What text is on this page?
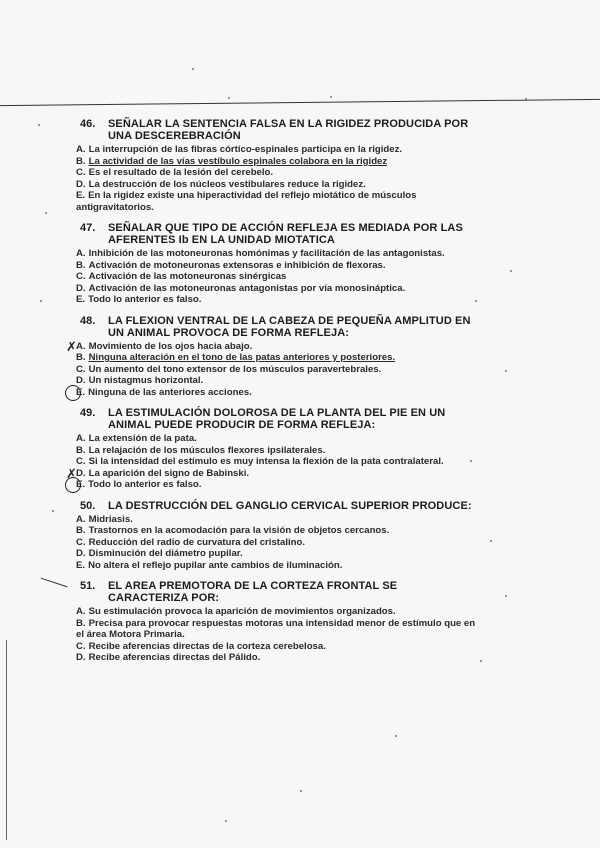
46.	SEÑALAR LA SENTENCIA FALSA EN LA RIGIDEZ PRODUCIDA POR UNA DESCEREBRACIÓN
A. La interrupción de las fibras córtico-espinales participa en la rigidez.
B. La actividad de las vías vestíbulo espinales colabora en la rigidez
C. Es el resultado de la lesión del cerebelo.
D. La destrucción de los núcleos vestibulares reduce la rigidez.
E. En la rigidez existe una hiperactividad del reflejo miotático de músculos antigravitatorios.
47.	SEÑALAR QUE TIPO DE ACCIÓN REFLEJA ES MEDIADA POR LAS AFERENTES Ib EN LA UNIDAD MIOTATICA
A. Inhibición de las motoneuronas homónimas y facilitación de las antagonistas.
B. Activación de motoneuronas extensoras e inhibición de flexoras.
C. Activación de las motoneuronas sinérgicas
D. Activación de las motoneuronas antagonistas por vía monosináptica.
E. Todo lo anterior es falso.
48.	LA FLEXION VENTRAL DE LA CABEZA DE PEQUEÑA AMPLITUD EN UN ANIMAL PROVOCA DE FORMA REFLEJA:
✗ A. Movimiento de los ojos hacia abajo.
B. Ninguna alteración en el tono de las patas anteriores y posteriores.
C. Un aumento del tono extensor de los músculos paravertebrales.
D. Un nistagmus horizontal.
E. Ninguna de las anteriores acciones.
49.	LA ESTIMULACIÓN DOLOROSA DE LA PLANTA DEL PIE EN UN ANIMAL PUEDE PRODUCIR DE FORMA REFLEJA:
A. La extensión de la pata.
B. La relajación de los músculos flexores ipsilaterales.
C. Si la intensidad del estímulo es muy intensa la flexión de la pata contralateral.
✗ D. La aparición del signo de Babinski.
E. Todo lo anterior es falso.
50.	LA DESTRUCCIÓN DEL GANGLIO CERVICAL SUPERIOR PRODUCE:
A. Midriasis.
B. Trastornos en la acomodación para la visión de objetos cercanos.
C. Reducción del radio de curvatura del cristalino.
D. Disminución del diámetro pupilar.
E. No altera el reflejo pupilar ante cambios de iluminación.
51.	EL AREA PREMOTORA DE LA CORTEZA FRONTAL SE CARACTERIZA POR:
A. Su estimulación provoca la aparición de movimientos organizados.
B. Precisa para provocar respuestas motoras una intensidad menor de estímulo que en el área Motora Primaria.
C. Recibe aferencias directas de la corteza cerebelosa.
D. Recibe aferencias directas del Pálido.
